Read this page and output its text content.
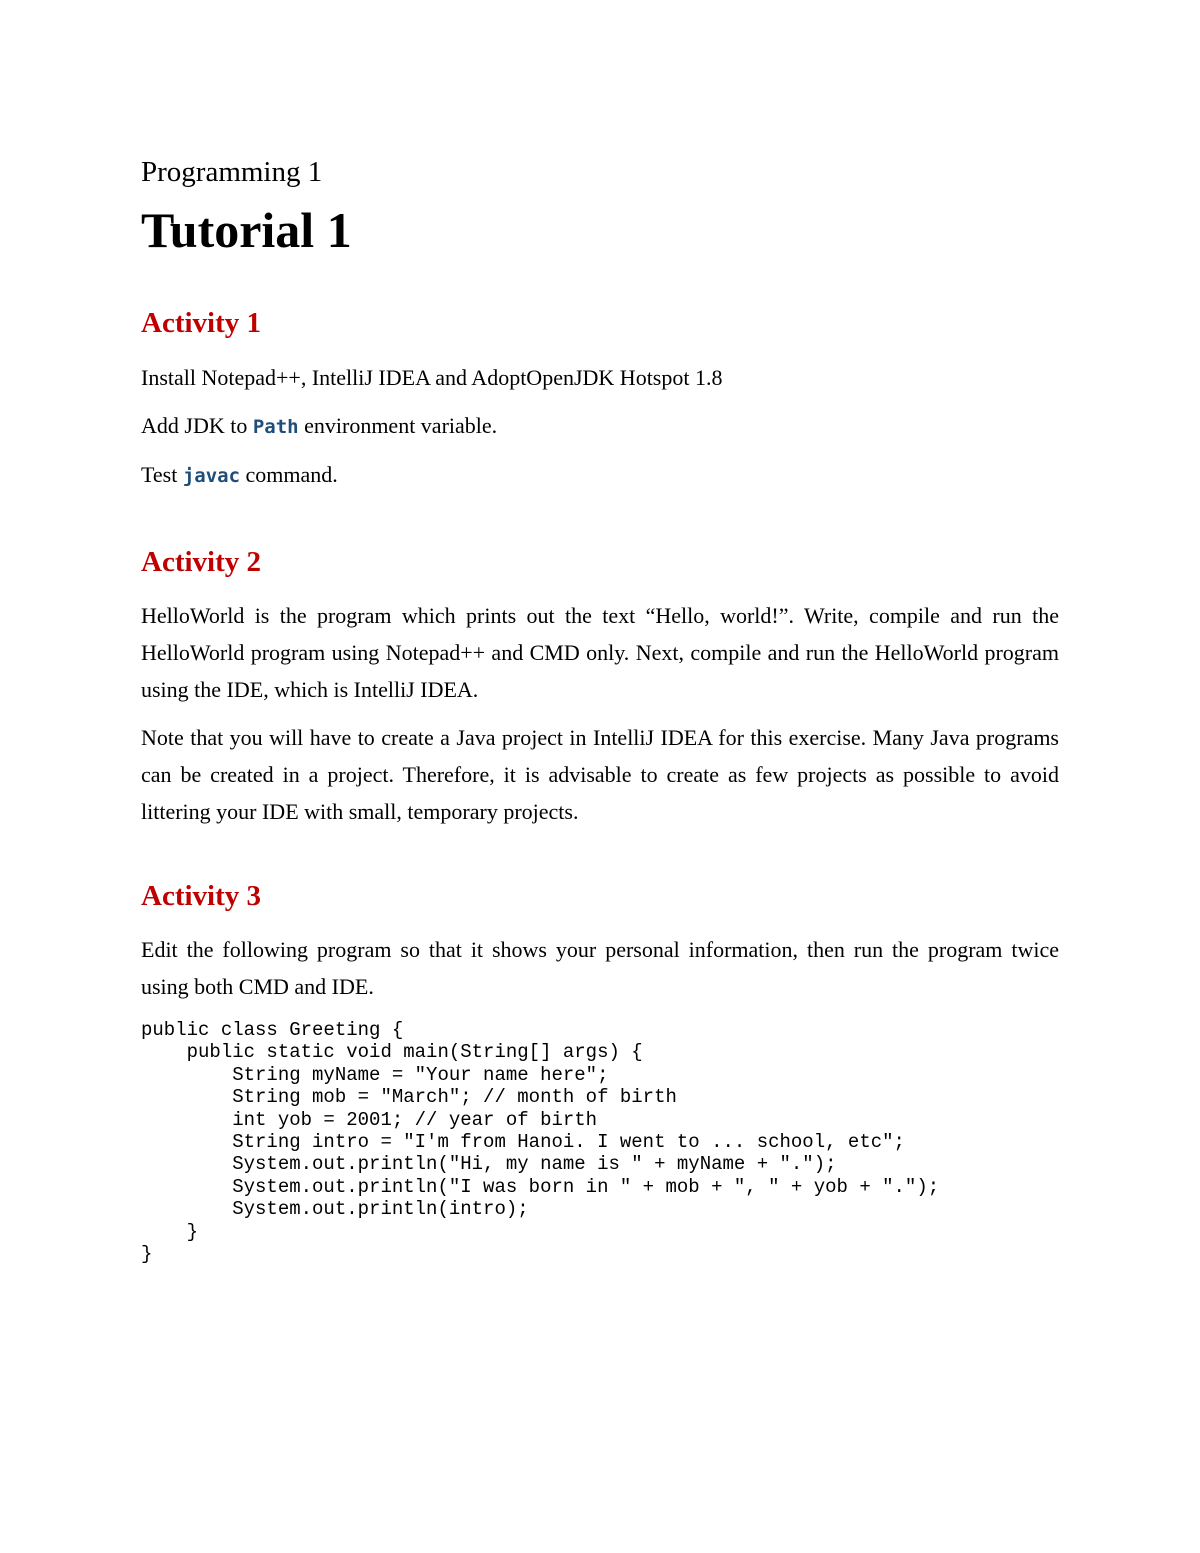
Programming 1
Tutorial 1
Activity 1
Install Notepad++, IntelliJ IDEA and AdoptOpenJDK Hotspot 1.8
Add JDK to Path environment variable.
Test javac command.
Activity 2
HelloWorld is the program which prints out the text “Hello, world!”. Write, compile and run the HelloWorld program using Notepad++ and CMD only. Next, compile and run the HelloWorld program using the IDE, which is IntelliJ IDEA.
Note that you will have to create a Java project in IntelliJ IDEA for this exercise. Many Java programs can be created in a project. Therefore, it is advisable to create as few projects as possible to avoid littering your IDE with small, temporary projects.
Activity 3
Edit the following program so that it shows your personal information, then run the program twice using both CMD and IDE.
public class Greeting {
public static void main(String[] args) {
String myName = "Your name here";
String mob = "March"; // month of birth
int yob = 2001; // year of birth
String intro = "I'm from Hanoi. I went to ... school, etc";
System.out.println("Hi, my name is " + myName + ".");
System.out.println("I was born in " + mob + ", " + yob + ".");
System.out.println(intro);
}
}
